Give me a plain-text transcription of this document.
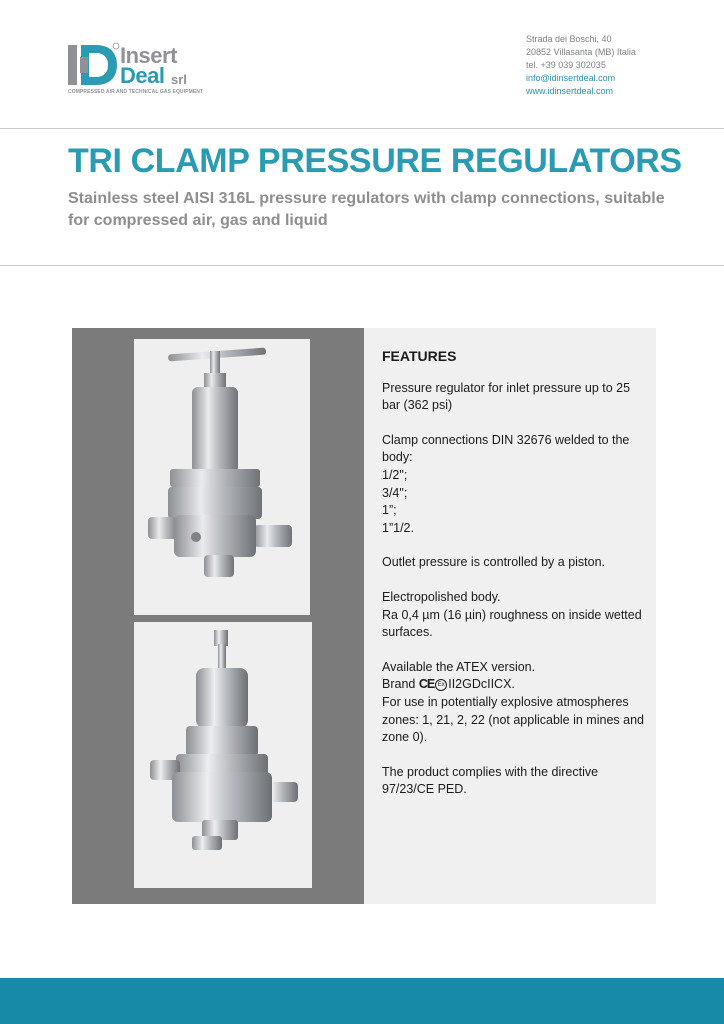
Insert
Deal srl
COMPRESSED AIR AND TECHNICAL GAS EQUIPMENT
Strada dei Boschi, 40
20852 Villasanta (MB) Italia
tel. +39 039 302035
info@idinsertdeal.com
www.idinsertdeal.com
TRI CLAMP PRESSURE REGULATORS

Stainless steel AISI 316L pressure regulators with clamp connections, suitable for compressed air, gas and liquid

FEATURES

Pressure regulator for inlet pressure up to 25 bar (362 psi)

Clamp connections DIN 32676 welded to the body:
1/2";
3/4";
1”;
1”1/2.

Outlet pressure is controlled by a piston.

Electropolished body.
Ra 0,4 µm (16 µin) roughness on inside wetted surfaces.

Available the ATEX version.
Brand CE Ex II2GDcIICX.
For use in potentially explosive atmospheres zones: 1, 21, 2, 22 (not applicable in mines and zone 0).

The product complies with the directive 97/23/CE PED.
